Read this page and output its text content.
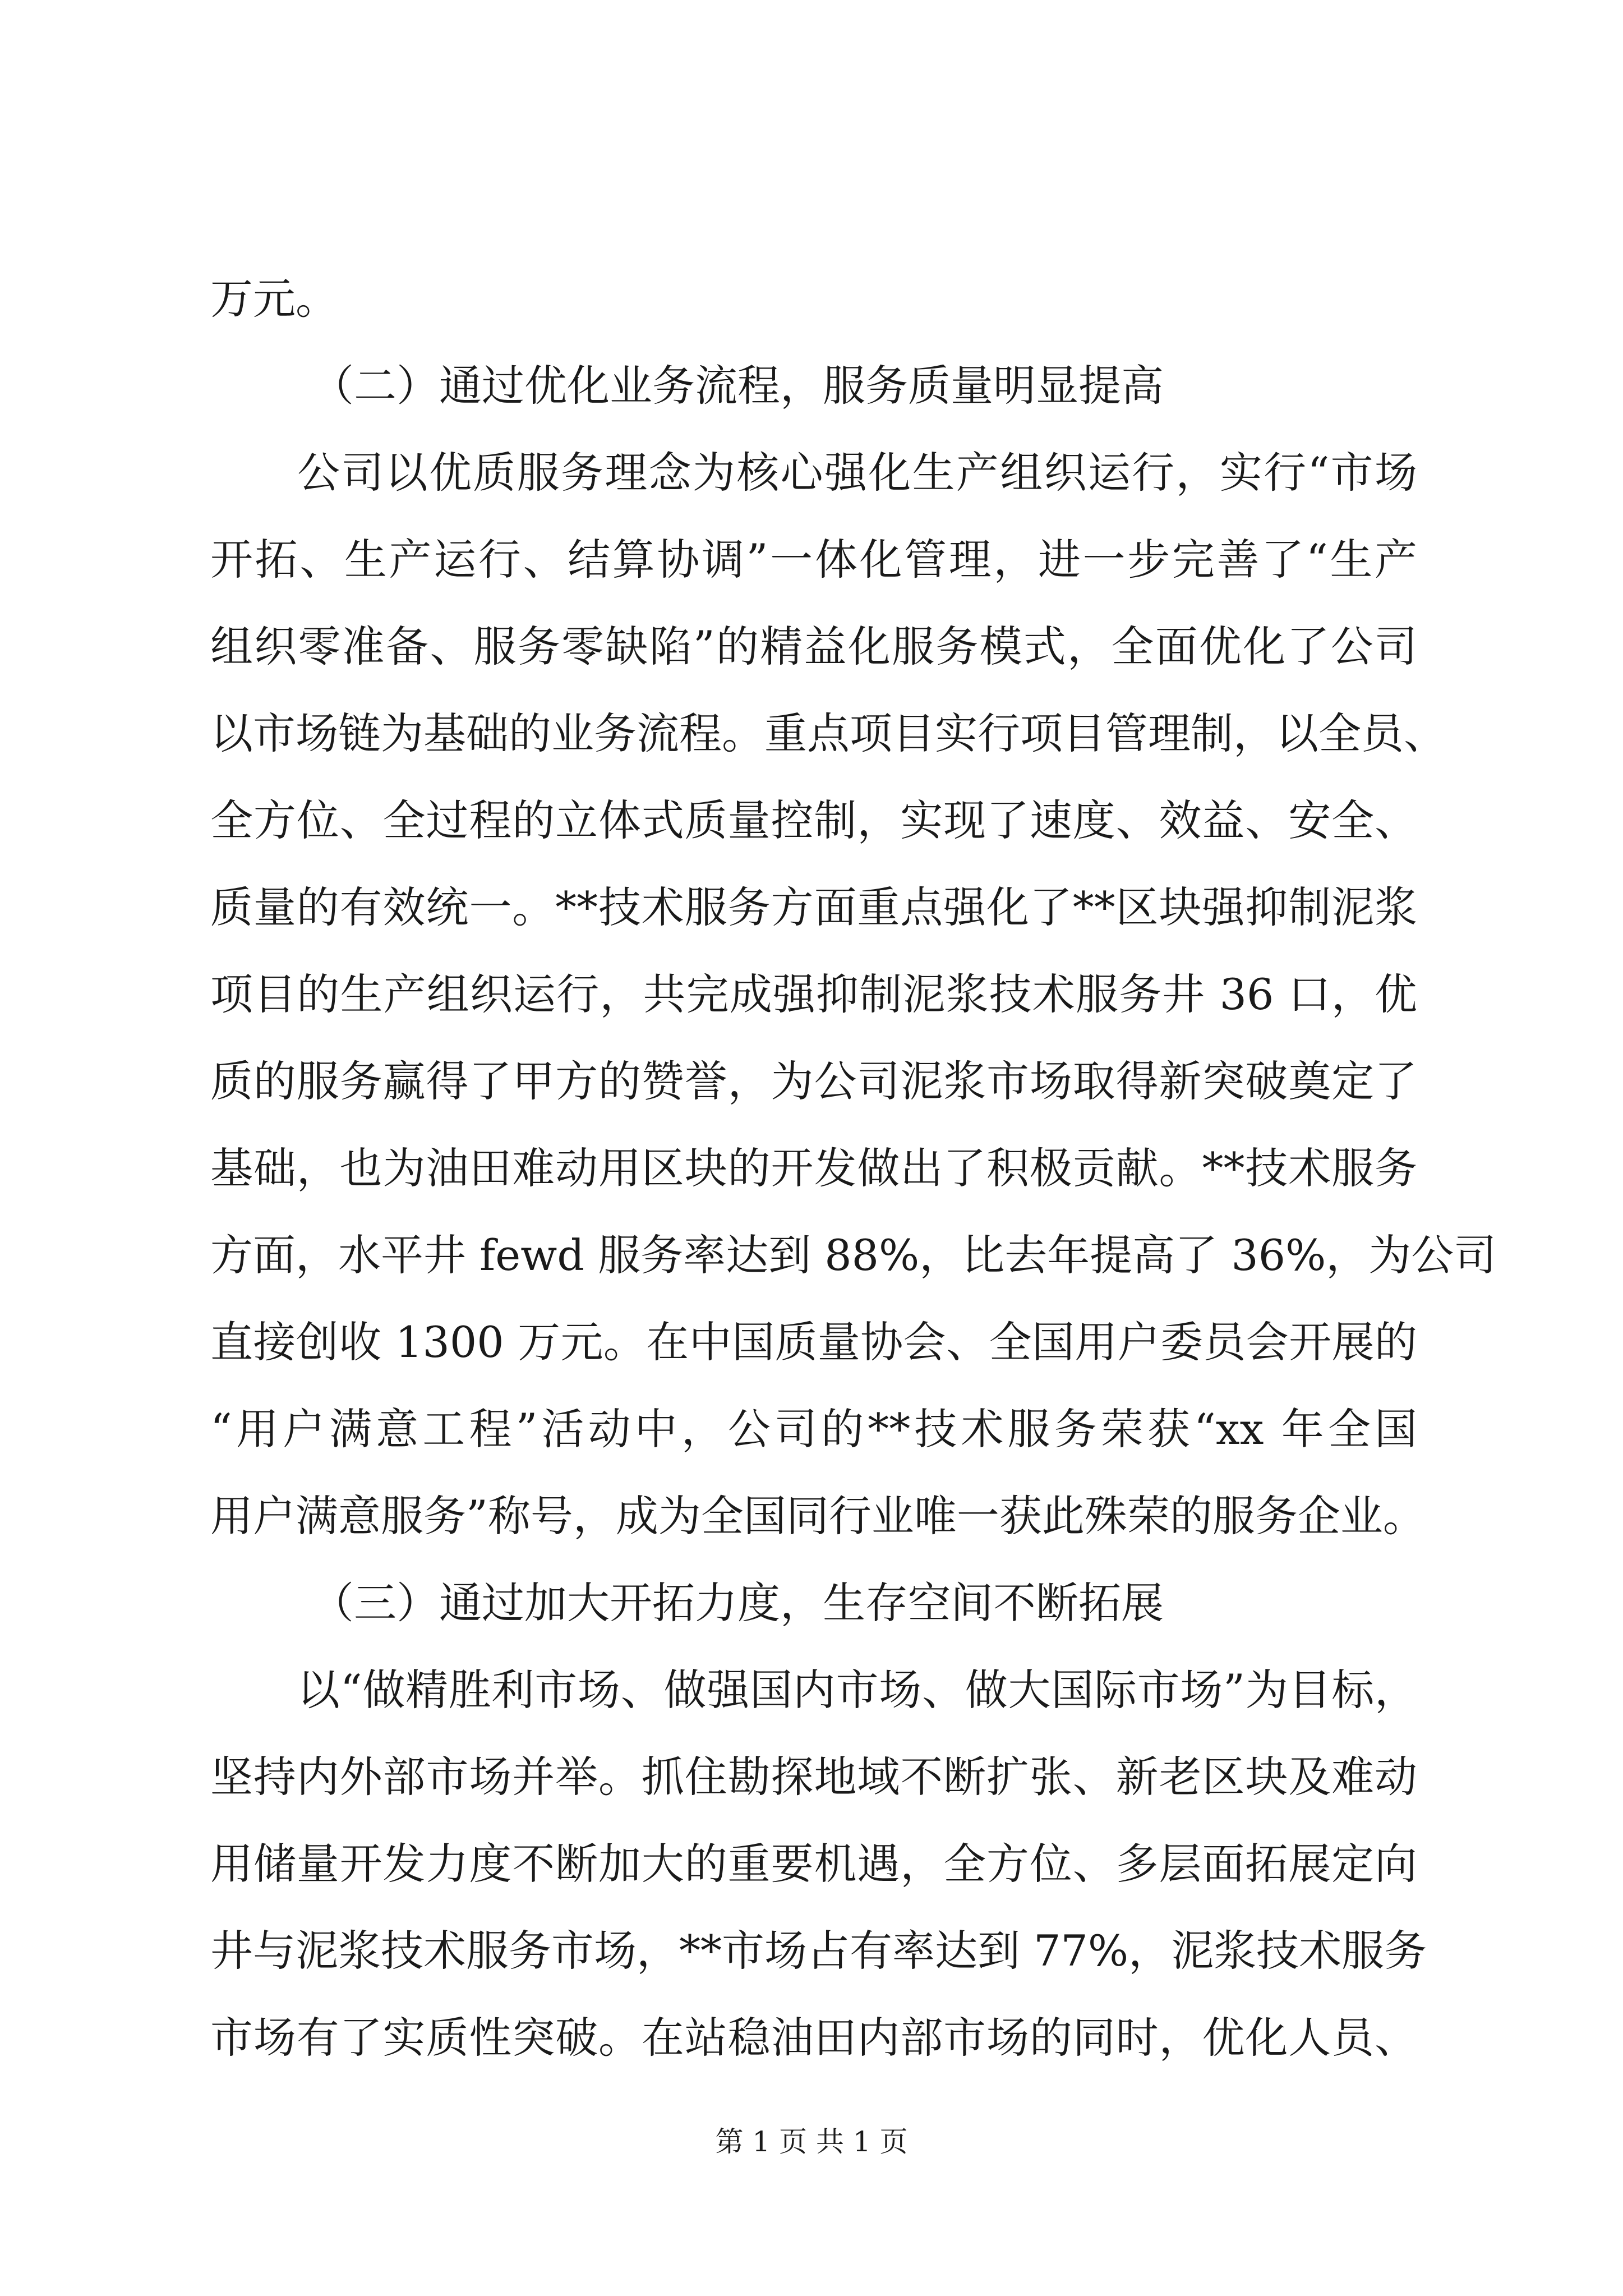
万元。
（二）通过优化业务流程，服务质量明显提高
公司以优质服务理念为核心强化生产组织运行，实行“市场
开拓、生产运行、结算协调”一体化管理，进一步完善了“生产
组织零准备、服务零缺陷”的精益化服务模式，全面优化了公司
以市场链为基础的业务流程。重点项目实行项目管理制，以全员、
全方位、全过程的立体式质量控制，实现了速度、效益、安全、
质量的有效统一。**技术服务方面重点强化了**区块强抑制泥浆
项目的生产组织运行，共完成强抑制泥浆技术服务井 36 口，优
质的服务赢得了甲方的赞誉，为公司泥浆市场取得新突破奠定了
基础，也为油田难动用区块的开发做出了积极贡献。**技术服务
方面，水平井 fewd 服务率达到 88%，比去年提高了 36%，为公司
直接创收 1300 万元。在中国质量协会、全国用户委员会开展的
“用户满意工程”活动中，公司的**技术服务荣获“xx 年全国
用户满意服务”称号，成为全国同行业唯一获此殊荣的服务企业。
（三）通过加大开拓力度，生存空间不断拓展
以“做精胜利市场、做强国内市场、做大国际市场”为目标，
坚持内外部市场并举。抓住勘探地域不断扩张、新老区块及难动
用储量开发力度不断加大的重要机遇，全方位、多层面拓展定向
井与泥浆技术服务市场，**市场占有率达到 77%，泥浆技术服务
市场有了实质性突破。在站稳油田内部市场的同时，优化人员、
第 1 页 共 1 页
